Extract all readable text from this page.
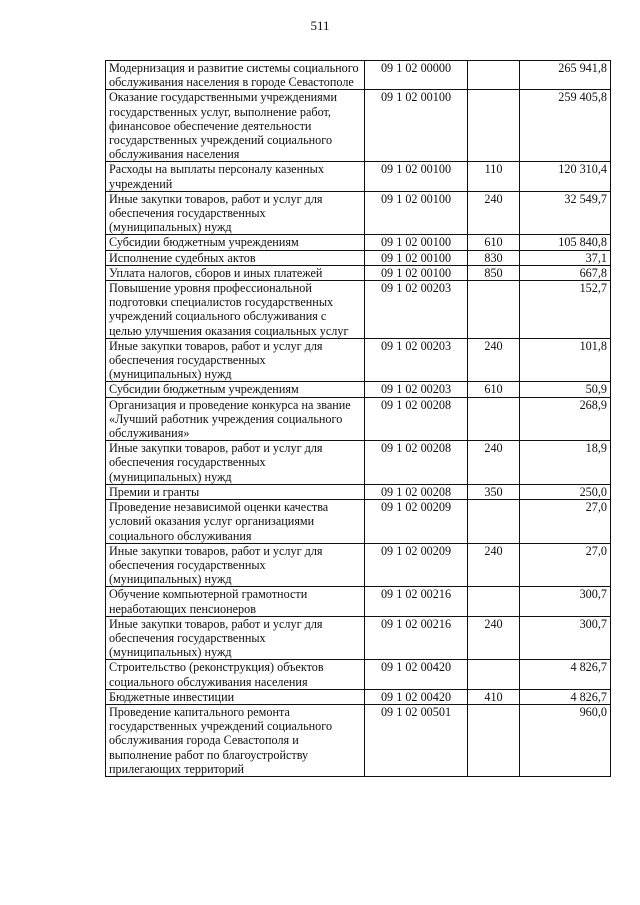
511
Модернизация и развитие системы социального обслуживания населения в городе Севастополе	09 1 02 00000		265 941,8
Оказание государственными учреждениями государственных услуг, выполнение работ, финансовое обеспечение деятельности государственных учреждений социального обслуживания населения	09 1 02 00100		259 405,8
Расходы на выплаты персоналу казенных учреждений	09 1 02 00100	110	120 310,4
Иные закупки товаров, работ и услуг для обеспечения государственных (муниципальных) нужд	09 1 02 00100	240	32 549,7
Субсидии бюджетным учреждениям	09 1 02 00100	610	105 840,8
Исполнение судебных актов	09 1 02 00100	830	37,1
Уплата налогов, сборов и иных платежей	09 1 02 00100	850	667,8
Повышение уровня профессиональной подготовки специалистов государственных учреждений социального обслуживания с целью улучшения оказания социальных услуг	09 1 02 00203		152,7
Иные закупки товаров, работ и услуг для обеспечения государственных (муниципальных) нужд	09 1 02 00203	240	101,8
Субсидии бюджетным учреждениям	09 1 02 00203	610	50,9
Организация и проведение конкурса на звание «Лучший работник учреждения социального обслуживания»	09 1 02 00208		268,9
Иные закупки товаров, работ и услуг для обеспечения государственных (муниципальных) нужд	09 1 02 00208	240	18,9
Премии и гранты	09 1 02 00208	350	250,0
Проведение независимой оценки качества условий оказания услуг организациями социального обслуживания	09 1 02 00209		27,0
Иные закупки товаров, работ и услуг для обеспечения государственных (муниципальных) нужд	09 1 02 00209	240	27,0
Обучение компьютерной грамотности неработающих пенсионеров	09 1 02 00216		300,7
Иные закупки товаров, работ и услуг для обеспечения государственных (муниципальных) нужд	09 1 02 00216	240	300,7
Строительство (реконструкция) объектов социального обслуживания населения	09 1 02 00420		4 826,7
Бюджетные инвестиции	09 1 02 00420	410	4 826,7
Проведение капитального ремонта государственных учреждений социального обслуживания города Севастополя и выполнение работ по благоустройству прилегающих территорий	09 1 02 00501		960,0
